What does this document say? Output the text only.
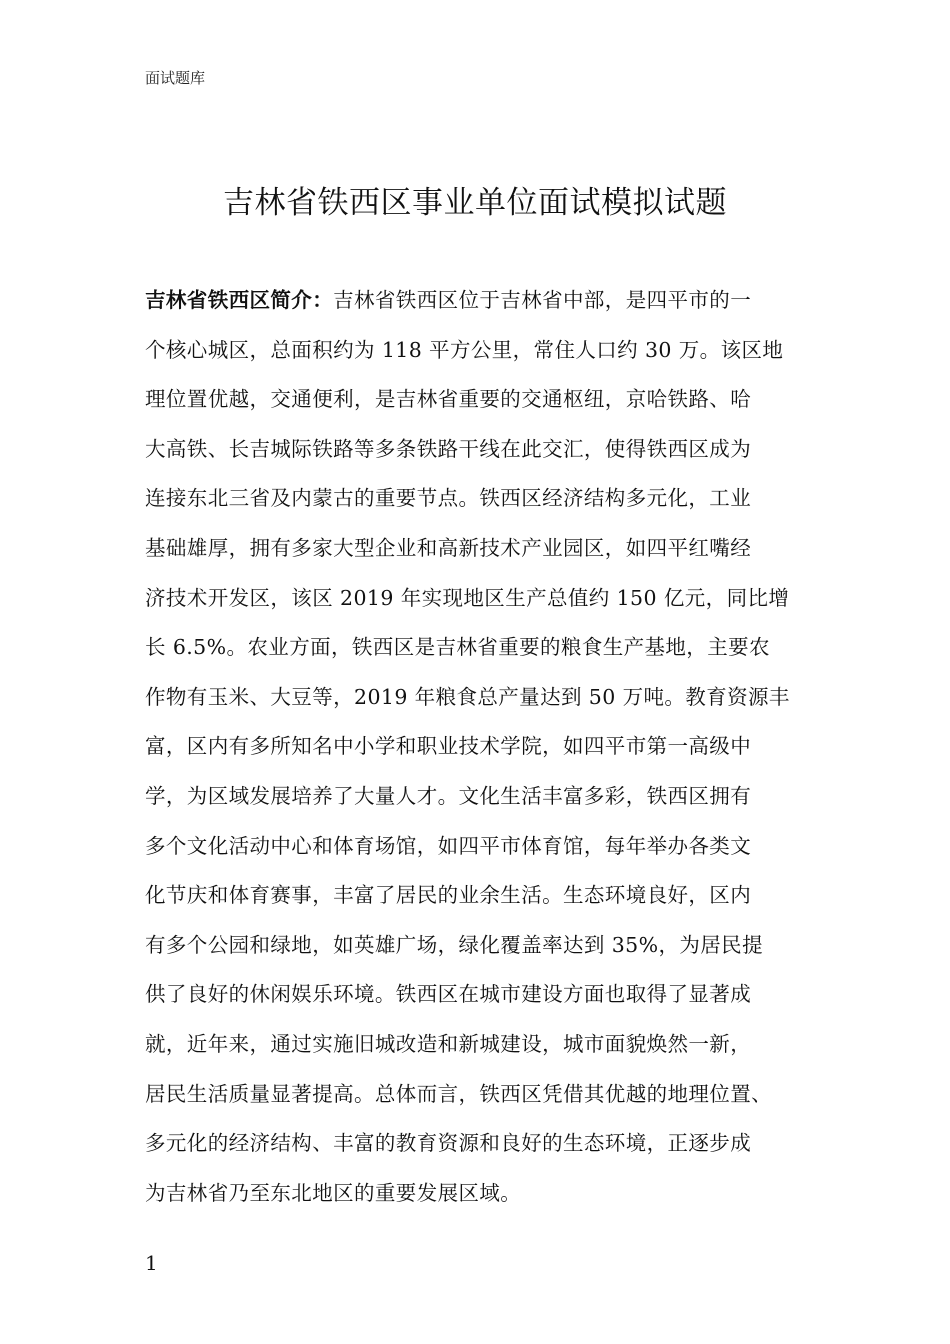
面试题库
吉林省铁西区事业单位面试模拟试题
吉林省铁西区简介：吉林省铁西区位于吉林省中部，是四平市的一
个核心城区，总面积约为 118 平方公里，常住人口约 30 万。该区地
理位置优越，交通便利，是吉林省重要的交通枢纽，京哈铁路、哈
大高铁、长吉城际铁路等多条铁路干线在此交汇，使得铁西区成为
连接东北三省及内蒙古的重要节点。铁西区经济结构多元化，工业
基础雄厚，拥有多家大型企业和高新技术产业园区，如四平红嘴经
济技术开发区，该区 2019 年实现地区生产总值约 150 亿元，同比增
长 6.5%。农业方面，铁西区是吉林省重要的粮食生产基地，主要农
作物有玉米、大豆等，2019 年粮食总产量达到 50 万吨。教育资源丰
富，区内有多所知名中小学和职业技术学院，如四平市第一高级中
学，为区域发展培养了大量人才。文化生活丰富多彩，铁西区拥有
多个文化活动中心和体育场馆，如四平市体育馆，每年举办各类文
化节庆和体育赛事，丰富了居民的业余生活。生态环境良好，区内
有多个公园和绿地，如英雄广场，绿化覆盖率达到 35%，为居民提
供了良好的休闲娱乐环境。铁西区在城市建设方面也取得了显著成
就，近年来，通过实施旧城改造和新城建设，城市面貌焕然一新，
居民生活质量显著提高。总体而言，铁西区凭借其优越的地理位置、
多元化的经济结构、丰富的教育资源和良好的生态环境，正逐步成
为吉林省乃至东北地区的重要发展区域。
1
